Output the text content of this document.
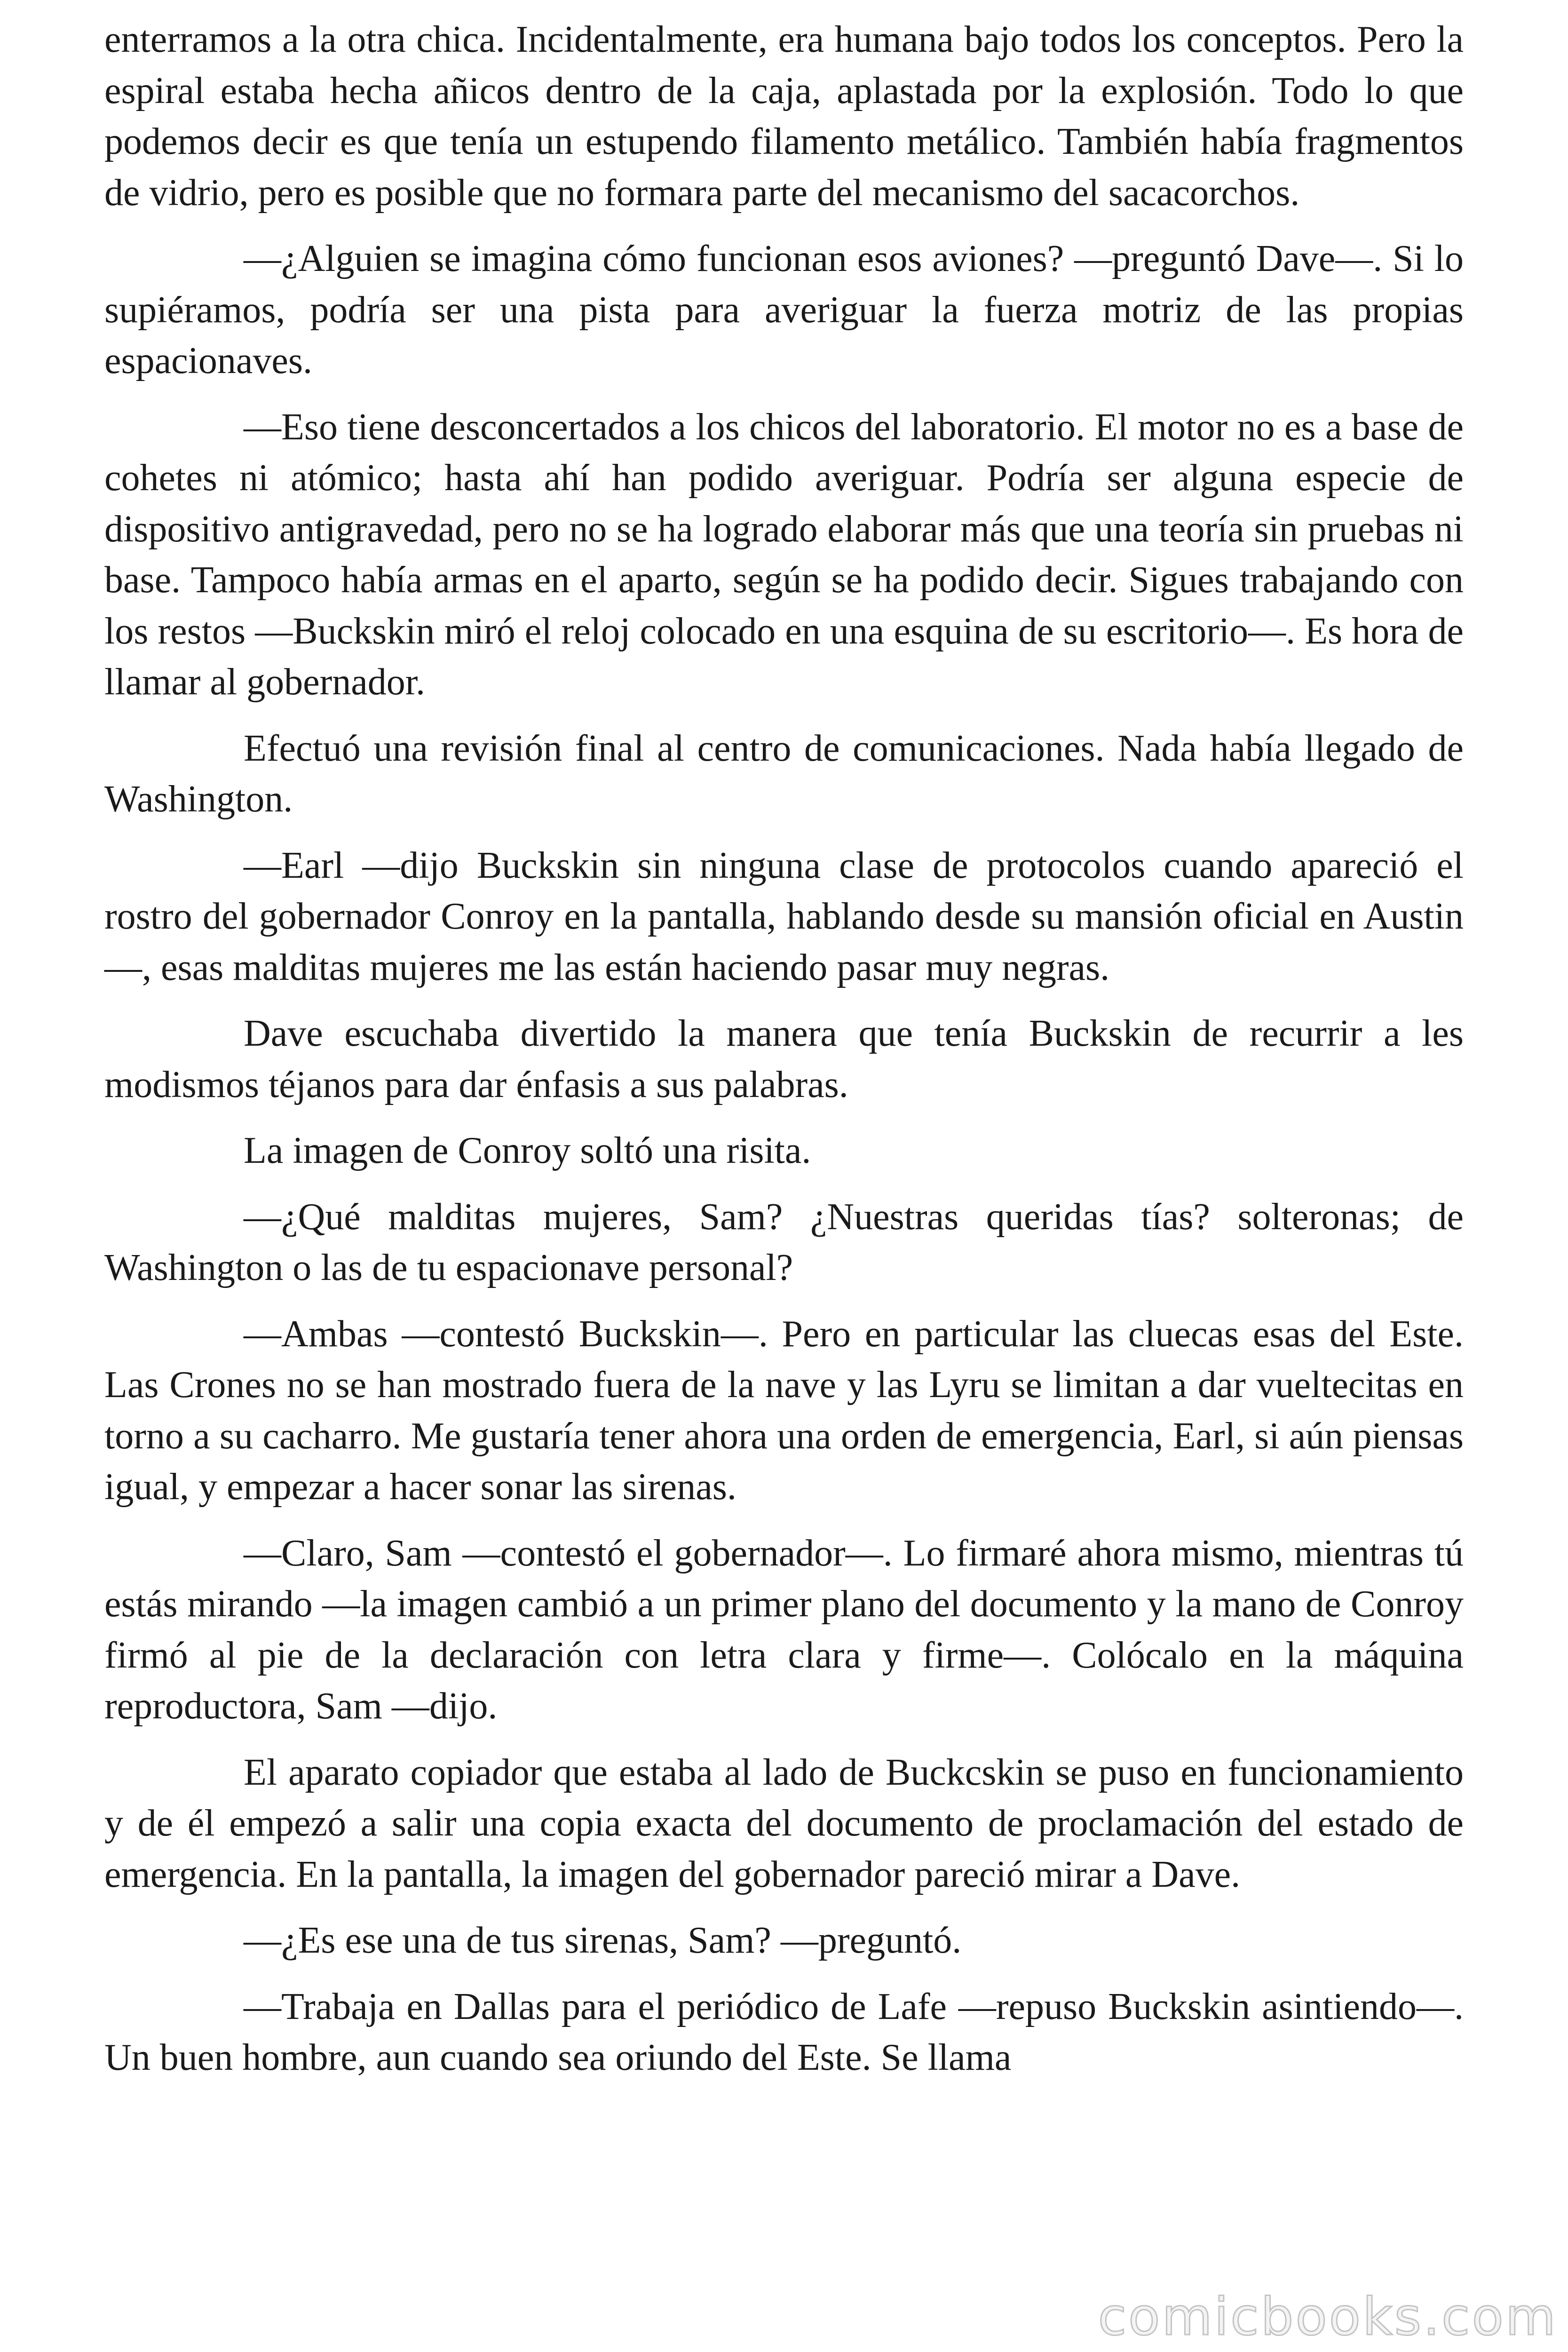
enterramos a la otra chica. Incidentalmente, era humana bajo todos los conceptos. Pero la espiral estaba hecha añicos dentro de la caja, aplastada por la explosión. Todo lo que podemos decir es que tenía un estupendo filamento metálico. También había fragmentos de vidrio, pero es posible que no formara parte del mecanismo del sacacorchos.

—¿Alguien se imagina cómo funcionan esos aviones? —preguntó Dave—. Si lo supiéramos, podría ser una pista para averiguar la fuerza motriz de las propias espacionaves.

—Eso tiene desconcertados a los chicos del laboratorio. El motor no es a base de cohetes ni atómico; hasta ahí han podido averiguar. Podría ser alguna especie de dispositivo antigravedad, pero no se ha logrado elaborar más que una teoría sin pruebas ni base. Tampoco había armas en el aparto, según se ha podido decir. Sigues trabajando con los restos —Buckskin miró el reloj colocado en una esquina de su escritorio—. Es hora de llamar al gobernador.

Efectuó una revisión final al centro de comunicaciones. Nada había llegado de Washington.

—Earl —dijo Buckskin sin ninguna clase de protocolos cuando apareció el rostro del gobernador Conroy en la pantalla, hablando desde su mansión oficial en Austin—, esas malditas mujeres me las están haciendo pasar muy negras.

Dave escuchaba divertido la manera que tenía Buckskin de recurrir a les modismos téjanos para dar énfasis a sus palabras.

La imagen de Conroy soltó una risita.

—¿Qué malditas mujeres, Sam? ¿Nuestras queridas tías? solteronas; de Washington o las de tu espacionave personal?

—Ambas —contestó Buckskin—. Pero en particular las cluecas esas del Este. Las Crones no se han mostrado fuera de la nave y las Lyru se limitan a dar vueltecitas en torno a su cacharro. Me gustaría tener ahora una orden de emergencia, Earl, si aún piensas igual, y empezar a hacer sonar las sirenas.

—Claro, Sam —contestó el gobernador—. Lo firmaré ahora mismo, mientras tú estás mirando —la imagen cambió a un primer plano del documento y la mano de Conroy firmó al pie de la declaración con letra clara y firme—. Colócalo en la máquina reproductora, Sam —dijo.

El aparato copiador que estaba al lado de Buckcskin se puso en funcionamiento y de él empezó a salir una copia exacta del documento de proclamación del estado de emergencia. En la pantalla, la imagen del gobernador pareció mirar a Dave.

—¿Es ese una de tus sirenas, Sam? —preguntó.

—Trabaja en Dallas para el periódico de Lafe —repuso Buckskin asintiendo—. Un buen hombre, aun cuando sea oriundo del Este. Se llama

comicbooks.com
